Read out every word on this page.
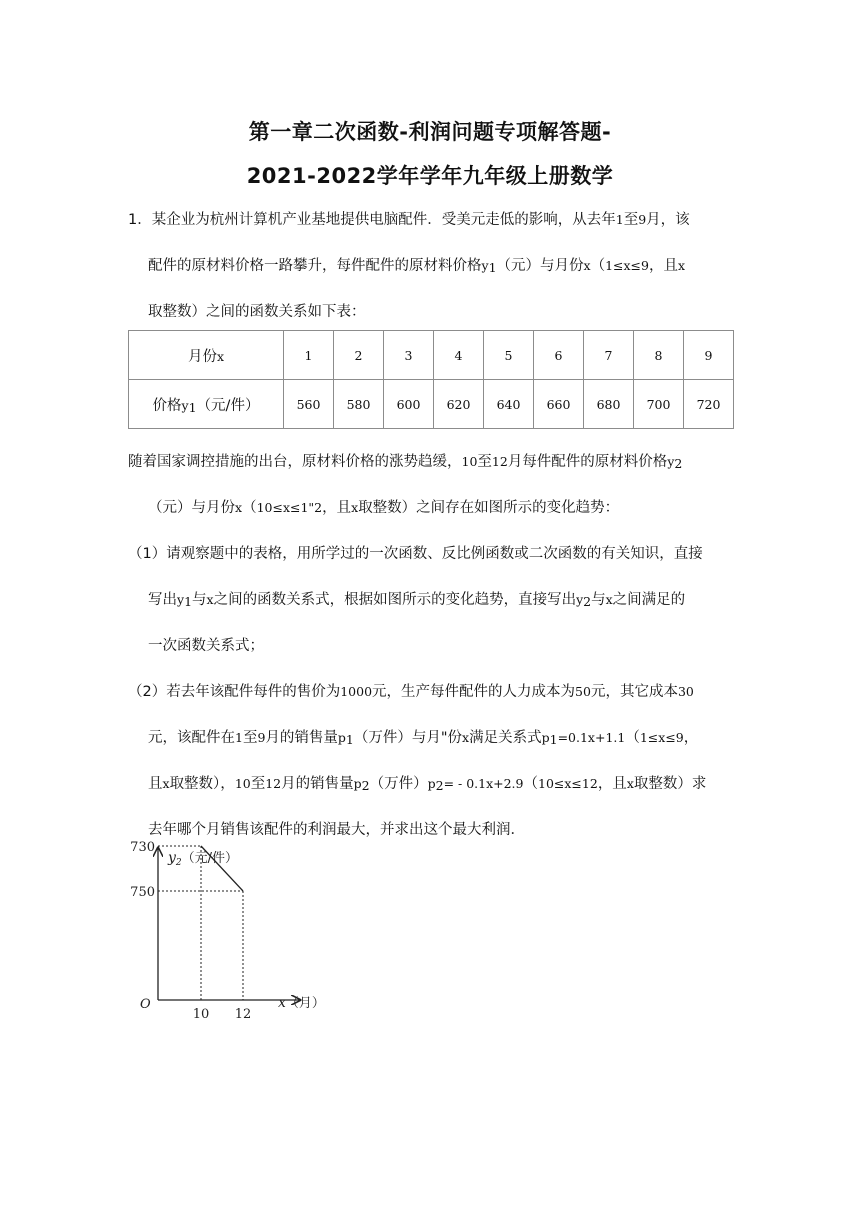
第一章二次函数-利润问题专项解答题-
2021-2022学年学年九年级上册数学
1．某企业为杭州计算机产业基地提供电脑配件．受美元走低的影响，从去年1至9月，该
配件的原材料价格一路攀升，每件配件的原材料价格$y_1$（元）与月份x（1≤x≤9，且x
取整数）之间的函数关系如下表：
月份x	1	2	3	4	5	6	7	8	9
价格$y_1$（元/件）	560	580	600	620	640	660	680	700	720
随着国家调控措施的出台，原材料价格的涨势趋缓，10至12月每件配件的原材料价格$y_2$
（元）与月份x（10≤x≤1"2，且x取整数）之间存在如图所示的变化趋势：
（1）请观察题中的表格，用所学过的一次函数、反比例函数或二次函数的有关知识，直接
写出$y_1$与x之间的函数关系式，根据如图所示的变化趋势，直接写出$y_2$与x之间满足的
一次函数关系式；
（2）若去年该配件每件的售价为1000元，生产每件配件的人力成本为50元，其它成本30
元，该配件在1至9月的销售量$p_1$（万件）与月"份x满足关系式$p_1=0.1x+1.1(1\le x\le 9$，
且x取整数），10至12月的销售量$p_2$（万件）$p_2= - 0.1x+2.9(10\le x\le 12$，且x取整数）求
去年哪个月销售该配件的利润最大，并求出这个最大利润．
$y_2$（元/件）
x（月）
O
750
730
10 12
